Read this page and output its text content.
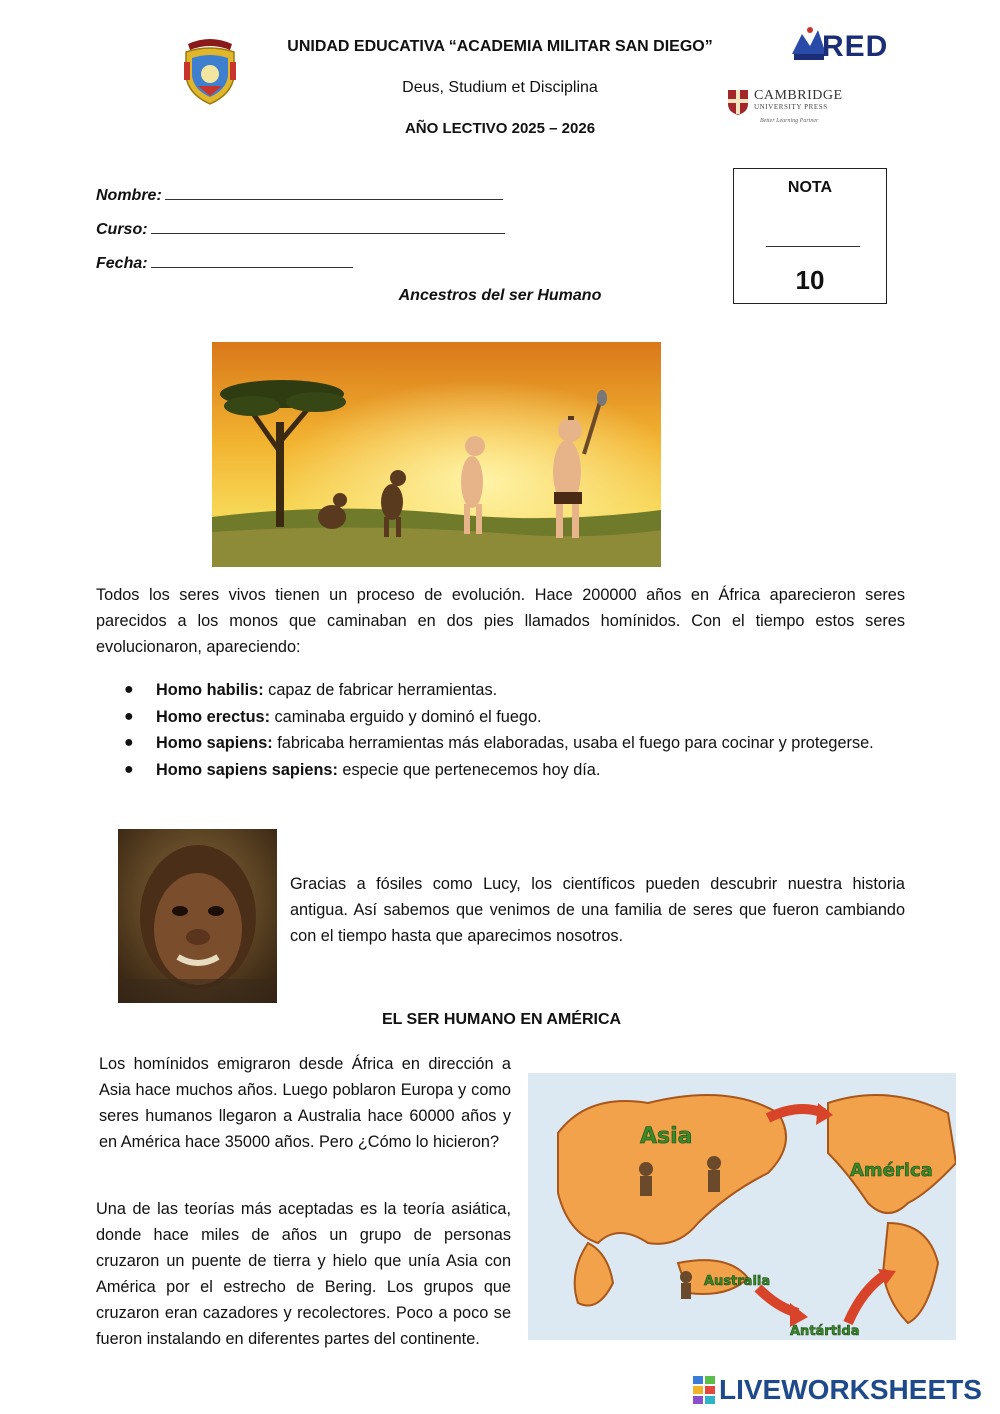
UNIDAD EDUCATIVA “ACADEMIA MILITAR SAN DIEGO”
Deus, Studium et Disciplina
AÑO LECTIVO 2025 – 2026
RED
CAMBRIDGE
UNIVERSITY PRESS
Better Learning Partner
Nombre:
Curso:
Fecha:
NOTA
10
Ancestros del ser Humano

Todos los seres vivos tienen un proceso de evolución. Hace 200000 años en África aparecieron seres parecidos a los monos que caminaban en dos pies llamados homínidos. Con el tiempo estos seres evolucionaron, apareciendo:

● Homo habilis: capaz de fabricar herramientas.
● Homo erectus: caminaba erguido y dominó el fuego.
● Homo sapiens: fabricaba herramientas más elaboradas, usaba el fuego para cocinar y protegerse.
● Homo sapiens sapiens: especie que pertenecemos hoy día.

Gracias a fósiles como Lucy, los científicos pueden descubrir nuestra historia antigua. Así sabemos que venimos de una familia de seres que fueron cambiando con el tiempo hasta que aparecimos nosotros.

EL SER HUMANO EN AMÉRICA

Los homínidos emigraron desde África en dirección a Asia hace muchos años. Luego poblaron Europa y como seres humanos llegaron a Australia hace 60000 años y en América hace 35000 años. Pero ¿Cómo lo hicieron?

Una de las teorías más aceptadas es la teoría asiática, donde hace miles de años un grupo de personas cruzaron un puente de tierra y hielo que unía Asia con América por el estrecho de Bering. Los grupos que cruzaron eran cazadores y recolectores. Poco a poco se fueron instalando en diferentes partes del continente.

Asia
América
Australia
Antártida
LIVEWORKSHEETS
